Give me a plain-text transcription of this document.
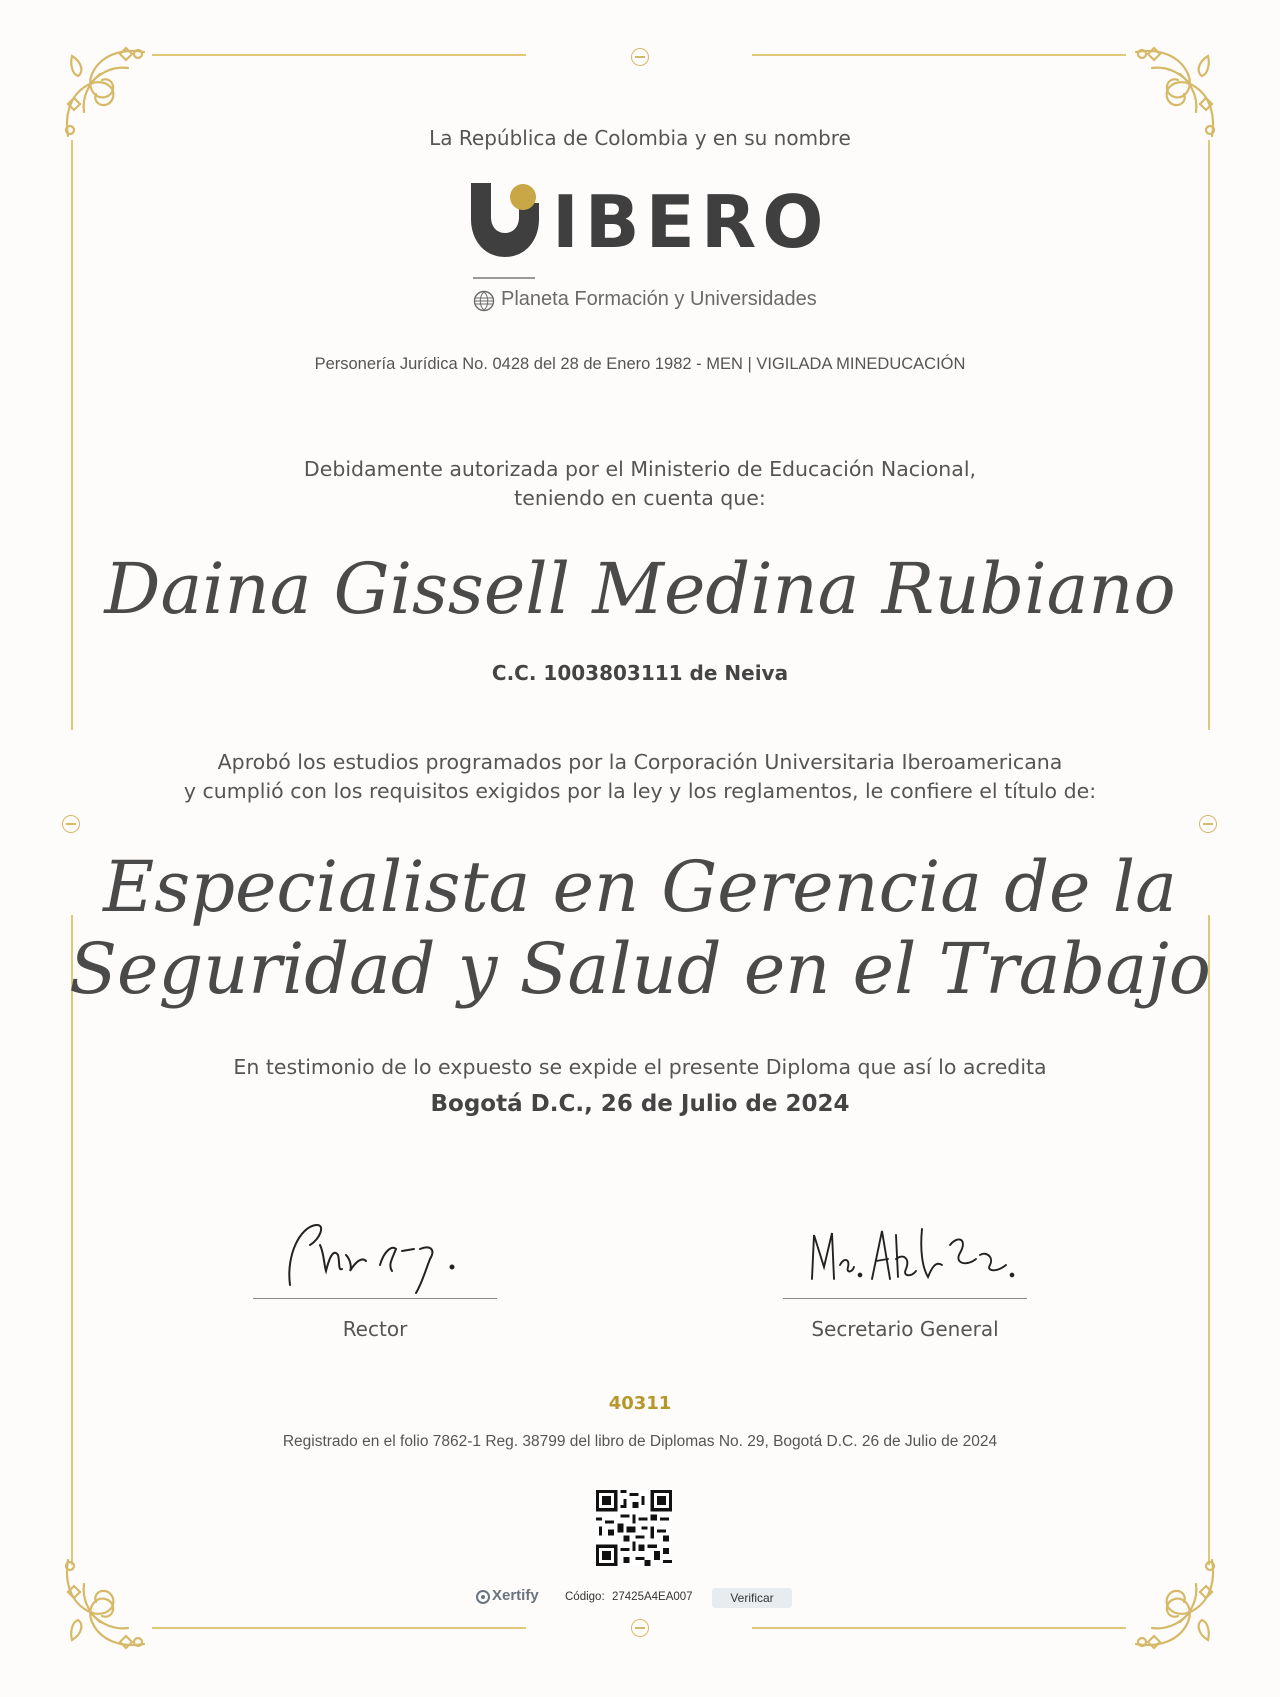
La República de Colombia y en su nombre
IBERO
Planeta Formación y Universidades
Personería Jurídica No. 0428 del 28 de Enero 1982 - MEN | VIGILADA MINEDUCACIÓN
Debidamente autorizada por el Ministerio de Educación Nacional,
teniendo en cuenta que:
Daina Gissell Medina Rubiano
C.C. 1003803111 de Neiva
Aprobó los estudios programados por la Corporación Universitaria Iberoamericana
y cumplió con los requisitos exigidos por la ley y los reglamentos, le confiere el título de:
Especialista en Gerencia de la
Seguridad y Salud en el Trabajo
En testimonio de lo expuesto se expide el presente Diploma que así lo acredita
Bogotá D.C., 26 de Julio de 2024
Rector	Secretario General
40311
Registrado en el folio 7862-1 Reg. 38799 del libro de Diplomas No. 29, Bogotá D.C. 26 de Julio de 2024
Xertify Código: 27425A4EA007	Verificar
